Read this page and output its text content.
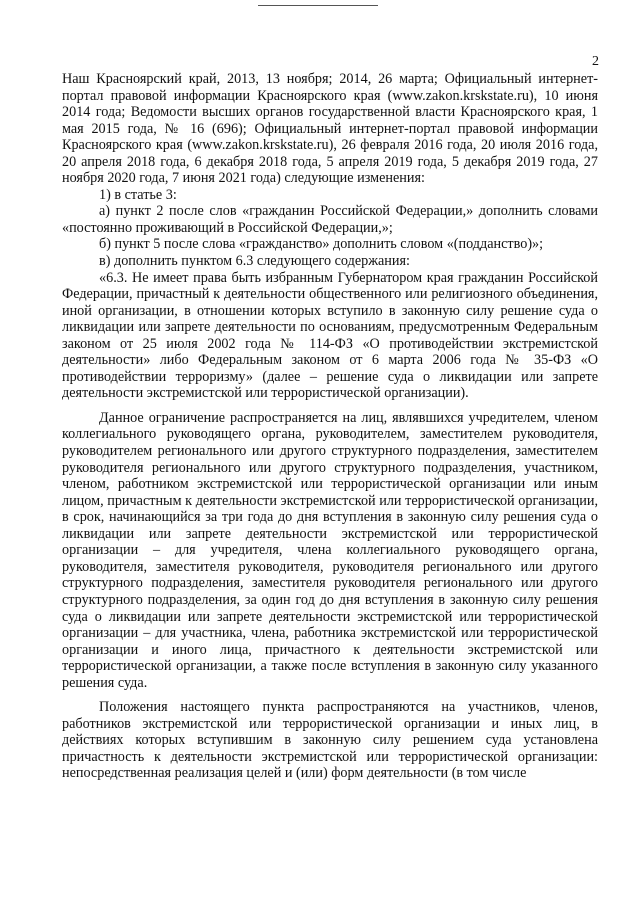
2

Наш Красноярский край, 2013, 13 ноября; 2014, 26 марта; Официальный интернет-портал правовой информации Красноярского края (www.zakon.krskstate.ru), 10 июня 2014 года; Ведомости высших органов государственной власти Красноярского края, 1 мая 2015 года, № 16 (696); Официальный интернет-портал правовой информации Красноярского края (www.zakon.krskstate.ru), 26 февраля 2016 года, 20 июля 2016 года, 20 апреля 2018 года, 6 декабря 2018 года, 5 апреля 2019 года, 5 декабря 2019 года, 27 ноября 2020 года, 7 июня 2021 года) следующие изменения:

1) в статье 3:

а) пункт 2 после слов «гражданин Российской Федерации,» дополнить словами «постоянно проживающий в Российской Федерации,»;

б) пункт 5 после слова «гражданство» дополнить словом «(подданство)»;

в) дополнить пунктом 6.3 следующего содержания:

«6.3. Не имеет права быть избранным Губернатором края гражданин Российской Федерации, причастный к деятельности общественного или религиозного объединения, иной организации, в отношении которых вступило в законную силу решение суда о ликвидации или запрете деятельности по основаниям, предусмотренным Федеральным законом от 25 июля 2002 года № 114-ФЗ «О противодействии экстремистской деятельности» либо Федеральным законом от 6 марта 2006 года № 35-ФЗ «О противодействии терроризму» (далее – решение суда о ликвидации или запрете деятельности экстремистской или террористической организации).

Данное ограничение распространяется на лиц, являвшихся учредителем, членом коллегиального руководящего органа, руководителем, заместителем руководителя, руководителем регионального или другого структурного подразделения, заместителем руководителя регионального или другого структурного подразделения, участником, членом, работником экстремистской или террористической организации или иным лицом, причастным к деятельности экстремистской или террористической организации, в срок, начинающийся за три года до дня вступления в законную силу решения суда о ликвидации или запрете деятельности экстремистской или террористической организации – для учредителя, члена коллегиального руководящего органа, руководителя, заместителя руководителя, руководителя регионального или другого структурного подразделения, заместителя руководителя регионального или другого структурного подразделения, за один год до дня вступления в законную силу решения суда о ликвидации или запрете деятельности экстремистской или террористической организации – для участника, члена, работника экстремистской или террористической организации и иного лица, причастного к деятельности экстремистской или террористической организации, а также после вступления в законную силу указанного решения суда.

Положения настоящего пункта распространяются на участников, членов, работников экстремистской или террористической организации и иных лиц, в действиях которых вступившим в законную силу решением суда установлена причастность к деятельности экстремистской или террористической организации: непосредственная реализация целей и (или) форм деятельности (в том числе
